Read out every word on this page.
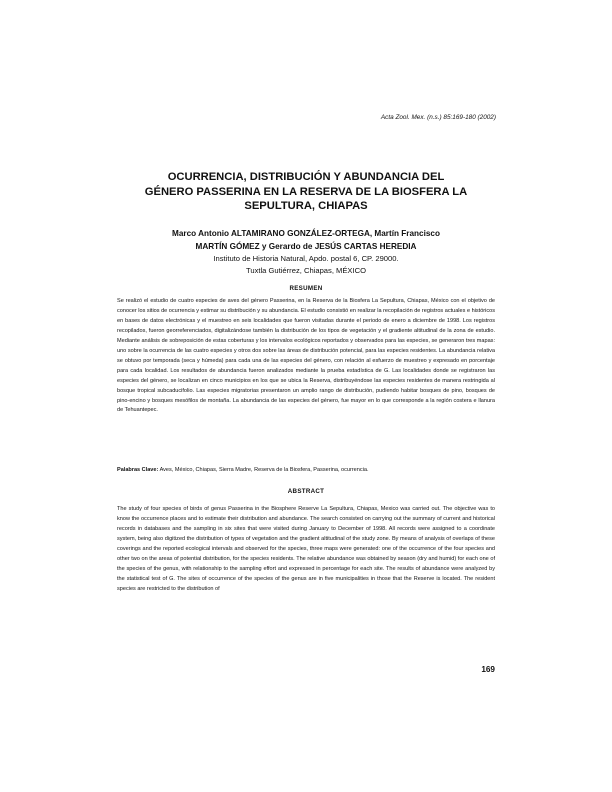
Acta Zool. Mex. (n.s.) 85:169-180 (2002)
OCURRENCIA, DISTRIBUCIÓN Y ABUNDANCIA DEL
GÉNERO PASSERINA EN LA RESERVA DE LA BIOSFERA LA
SEPULTURA, CHIAPAS
Marco Antonio ALTAMIRANO GONZÁLEZ-ORTEGA, Martín Francisco
MARTÍN GÓMEZ y Gerardo de JESÚS CARTAS HEREDIA
Instituto de Historia Natural, Apdo. postal 6, CP. 29000.
Tuxtla Gutiérrez, Chiapas, MÉXICO
RESUMEN
Se realizó el estudio de cuatro especies de aves del género Passerina, en la Reserva de la Biosfera La Sepultura, Chiapas, México con el objetivo de conocer los sitios de ocurrencia y estimar su distribución y su abundancia. El estudio consistió en realizar la recopilación de registros actuales e históricos en bases de datos electrónicas y el muestreo en seis localidades que fueron visitadas durante el periodo de enero a diciembre de 1998. Los registros recopilados, fueron georreferenciados, digitalizándose también la distribución de los tipos de vegetación y el gradiente altitudinal de la zona de estudio. Mediante análisis de sobreposición de estas coberturas y los intervalos ecológicos reportados y observados para las especies, se generaron tres mapas: uno sobre la ocurrencia de las cuatro especies y otros dos sobre las áreas de distribución potencial, para las especies residentes. La abundancia relativa se obtuvo por temporada (seca y húmeda) para cada una de las especies del género, con relación al esfuerzo de muestreo y expresado en porcentaje para cada localidad. Los resultados de abundancia fueron analizados mediante la prueba estadística de G. Las localidades donde se registraron las especies del género, se localizan en cinco municipios en los que se ubica la Reserva, distribuyéndose las especies residentes de manera restringida al bosque tropical subcaducifolio. Las especies migratorias presentaron un amplio rango de distribución, pudiendo habitar bosques de pino, bosques de pino-encino y bosques mesófilos de montaña. La abundancia de las especies del género, fue mayor en lo que corresponde a la región costera e llanura de Tehuantepec.
Palabras Clave: Aves, México, Chiapas, Sierra Madre, Reserva de la Biosfera, Passerina, ocurrencia.
ABSTRACT
The study of four species of birds of genus Passerina in the Biosphere Reserve La Sepultura, Chiapas, Mexico was carried out. The objective was to know the occurrence places and to estimate their distribution and abundance. The search consisted on carrying out the summary of current and historical records in databases and the sampling in six sites that were visited during January to December of 1998. All records were assigned to a coordinate system, being also digitized the distribution of types of vegetation and the gradient altitudinal of the study zone. By means of analysis of overlaps of these coverings and the reported ecological intervals and observed for the species, three maps were generated: one of the occurrence of the four species and other two on the areas of potential distribution, for the species residents. The relative abundance was obtained by season (dry and humid) for each one of the species of the genus, with relationship to the sampling effort and expressed in percentage for each site. The results of abundance were analyzed by the statistical test of G. The sites of occurrence of the species of the genus are in five municipalities in those that the Reserve is located. The resident species are restricted to the distribution of
169
